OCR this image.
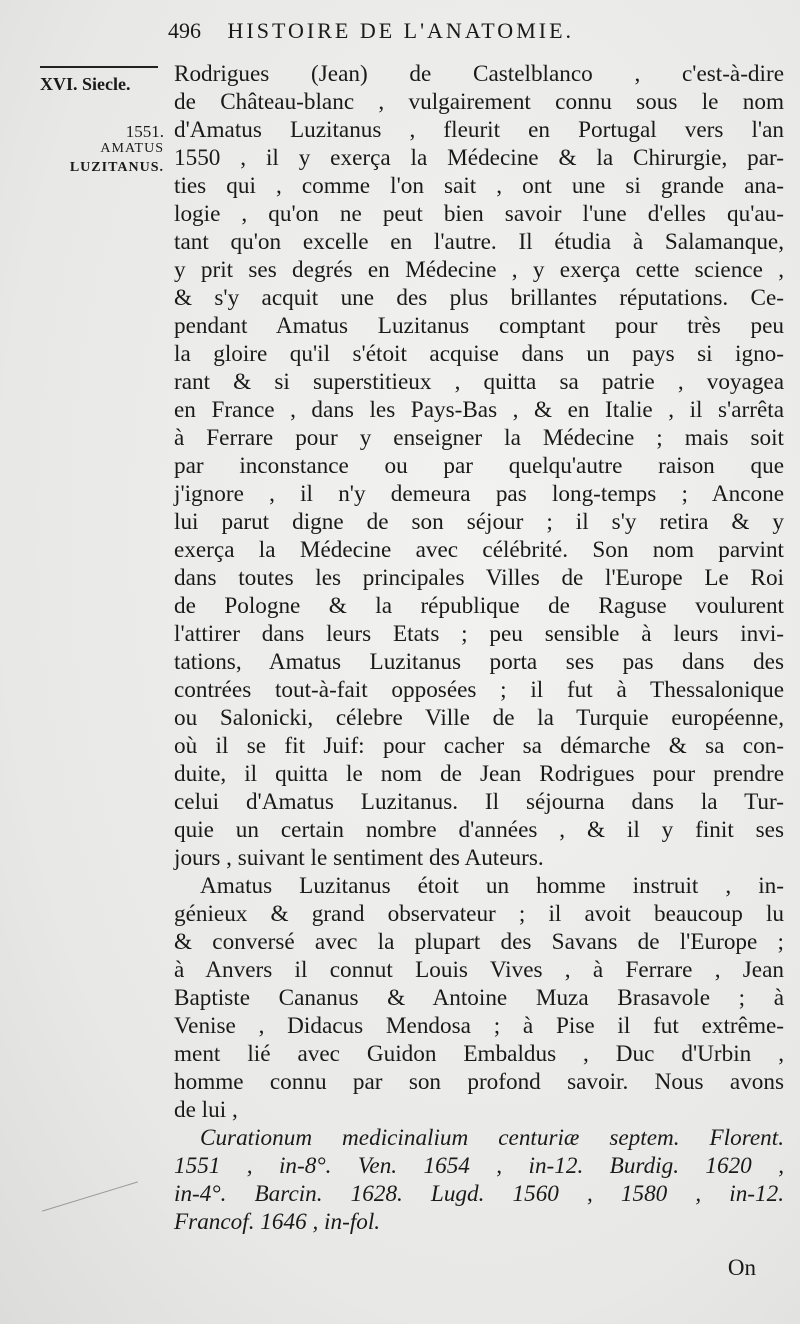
496 HISTOIRE DE L'ANATOMIE.
XVI. Siecle.
1551.
AMATUS
LUZITANUS.
Rodrigues (Jean) de Castelblanco , c'est-à-dire
de Château-blanc , vulgairement connu sous le nom
d'Amatus Luzitanus , fleurit en Portugal vers l'an
1550 , il y exerça la Médecine & la Chirurgie, par-
ties qui , comme l'on sait , ont une si grande ana-
logie , qu'on ne peut bien savoir l'une d'elles qu'au-
tant qu'on excelle en l'autre. Il étudia à Salamanque,
y prit ses degrés en Médecine , y exerça cette science ,
& s'y acquit une des plus brillantes réputations. Ce-
pendant Amatus Luzitanus comptant pour très peu
la gloire qu'il s'étoit acquise dans un pays si igno-
rant & si superstitieux , quitta sa patrie , voyagea
en France , dans les Pays-Bas , & en Italie , il s'arrêta
à Ferrare pour y enseigner la Médecine ; mais soit
par inconstance ou par quelqu'autre raison que
j'ignore , il n'y demeura pas long-temps ; Ancone
lui parut digne de son séjour ; il s'y retira & y
exerça la Médecine avec célébrité. Son nom parvint
dans toutes les principales Villes de l'Europe Le Roi
de Pologne & la république de Raguse voulurent
l'attirer dans leurs Etats ; peu sensible à leurs invi-
tations, Amatus Luzitanus porta ses pas dans des
contrées tout-à-fait opposées ; il fut à Thessalonique
ou Salonicki, célebre Ville de la Turquie européenne,
où il se fit Juif: pour cacher sa démarche & sa con-
duite, il quitta le nom de Jean Rodrigues pour prendre
celui d'Amatus Luzitanus. Il séjourna dans la Tur-
quie un certain nombre d'années , & il y finit ses
jours , suivant le sentiment des Auteurs.
Amatus Luzitanus étoit un homme instruit , in-
génieux & grand observateur ; il avoit beaucoup lu
& conversé avec la plupart des Savans de l'Europe ;
à Anvers il connut Louis Vives , à Ferrare , Jean
Baptiste Cananus & Antoine Muza Brasavole ; à
Venise , Didacus Mendosa ; à Pise il fut extrême-
ment lié avec Guidon Embaldus , Duc d'Urbin ,
homme connu par son profond savoir. Nous avons
de lui ,
Curationum medicinalium centuriæ septem. Florent.
1551 , in-8°. Ven. 1654 , in-12. Burdig. 1620 ,
in-4°. Barcin. 1628. Lugd. 1560 , 1580 , in-12.
Francof. 1646 , in-fol.
On
